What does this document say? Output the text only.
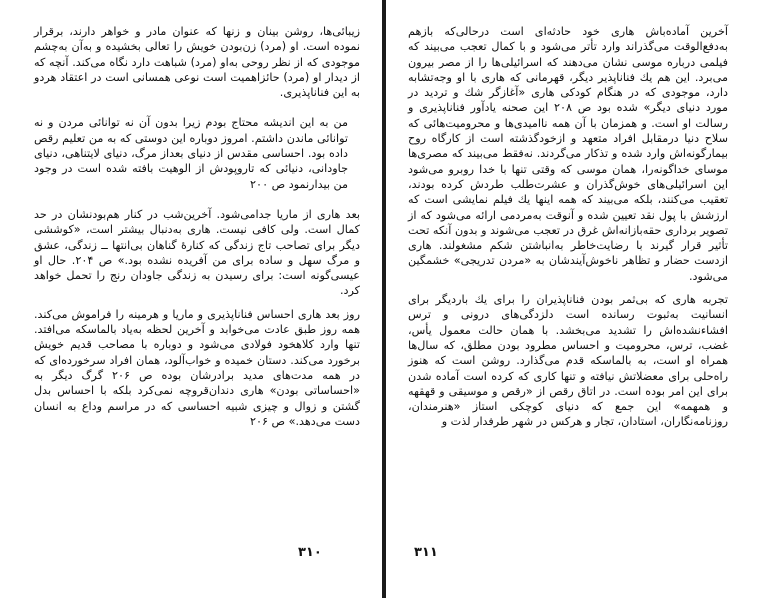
زیبائی‌ها، روشن بینان و زنها که عنوان مادر و خواهر دارند، برقرار نموده است. او (مرد) زن‌بودن خویش را تعالی بخشیده و به‌آن به‌چشم موجودی که از نظر روحی به‌او (مرد) شباهت دارد نگاه می‌کند. آنچه که از دیدار او (مرد) حائزاهمیت است نوعی همسانی است در اعتقاد هردو به این فناناپذیری.

من به این اندیشه محتاج بودم زیرا بدون آن نه توانائی مردن و نه توانائی ماندن داشتم. امروز دوباره این دوستی که به من تعلیم رقص داده بود. احساسی مقدس از دنیای بعداز مرگ، دنیای لایتناهی، دنیای جاودانی، دنیائی که تاروپودش از الوهیت بافته شده است در وجود من بیدارنمود ص ۲۰۰

بعد هاری از ماریا جدامی‌شود. آخرین‌شب در کنار هم‌بودنشان در حد کمال است. ولی کافی نیست. هاری به‌دنبال بیشتر است، «کوششی دیگر برای تصاحب تاج زندگی که کنارهٔ گناهان بی‌انتها ــ زندگی، عشق و مرگ سهل و ساده برای من آفریده نشده بود.» ص ۲۰۴. حال او عیسی‌گونه است: برای رسیدن به زندگی جاودان رنج را تحمل خواهد کرد.

روز بعد هاری احساس فناناپذیری و ماریا و هرمینه را فراموش می‌کند. همه روز طبق عادت می‌خوابد و آخرین لحظه به‌یاد بالماسکه می‌افتد. تنها وارد کلاهخود فولادی می‌شود و دوباره با مصاحب قدیم خویش برخورد می‌کند. دستان خمیده و خواب‌آلود، همان افراد سرخورده‌ای که در همه مدت‌های مدید برادرشان بوده ص ۲۰۶ گرگ دیگر به «احساساتی بودن» هاری دندان‌قروچه نمی‌کرد بلکه با احساس بدل گشتن و زوال و چیزی شبیه احساسی که در مراسم وداع به انسان دست می‌دهد.» ص ۲۰۶

۳۱۰

آخرین آماده‌باش هاری خود حادثه‌ای است درحالی‌که بازهم به‌دفع‌الوقت می‌گذراند وارد تأتر می‌شود و با کمال تعجب می‌بیند که فیلمی درباره موسی نشان می‌دهند که اسرائیلی‌ها را از مصر بیرون می‌برد. این هم یك فناناپذیر دیگر، قهرمانی که هاری با او وجه‌تشابه دارد، موجودی که در هنگام کودکی هاری «آغازگر شك و تردید در مورد دنیای دیگر» شده بود ص ۲۰۸ این صحنه یادآور فناناپذیری و رسالت او است. و همزمان با آن همه ناامیدی‌ها و محرومیت‌هائی که سلاح دنیا درمقابل افراد متعهد و ازخودگذشته است از کارگاه روح بیمارگونه‌اش وارد شده و تذکار می‌گردند. نه‌فقط می‌بیند که مصری‌ها موسای خداگونه‌را، همان موسی که وقتی تنها با خدا روبرو می‌شود این اسرائیلی‌های خوش‌گذران و عشرت‌طلب طردش کرده بودند، تعقیب می‌کنند، بلکه می‌بیند که همه اینها یك فیلم نمایشی است که ارزشش با پول نقد تعیین شده و آنوقت به‌مردمی ارائه می‌شود که از تصویر برداری حقه‌بازانه‌اش غرق در تعجب می‌شوند و بدون آنکه تحت تأثیر قرار گیرند با رضایت‌خاطر به‌انباشتن شکم مشغولند. هاری ازدست حضار و تظاهر ناخوش‌آیندشان به «مردن تدریجی» خشمگین می‌شود.

تجربه هاری که بی‌ثمر بودن فناناپذیران را برای یك باردیگر برای انسانیت به‌ثبوت رسانده است دلزدگی‌های درونی و ترس افشاءنشده‌اش را تشدید می‌بخشد. با همان حالت معمول یأس، غضب، ترس، محرومیت و احساس مطرود بودن مطلق، که سال‌ها همراه او است، به بالماسکه قدم می‌گذارد. روشن است که هنوز راه‌حلی برای معضلاتش نیافته و تنها کاری که کرده است آماده شدن برای این امر بوده است. در اتاق رقص از «رقص و موسیقی و قهقهه و همهمه» این جمع که دنیای کوچکی استاز «هنرمندان، روزنامه‌نگاران، استادان، تجار و هرکس در شهر طرفدار لذت و

۳۱۱
